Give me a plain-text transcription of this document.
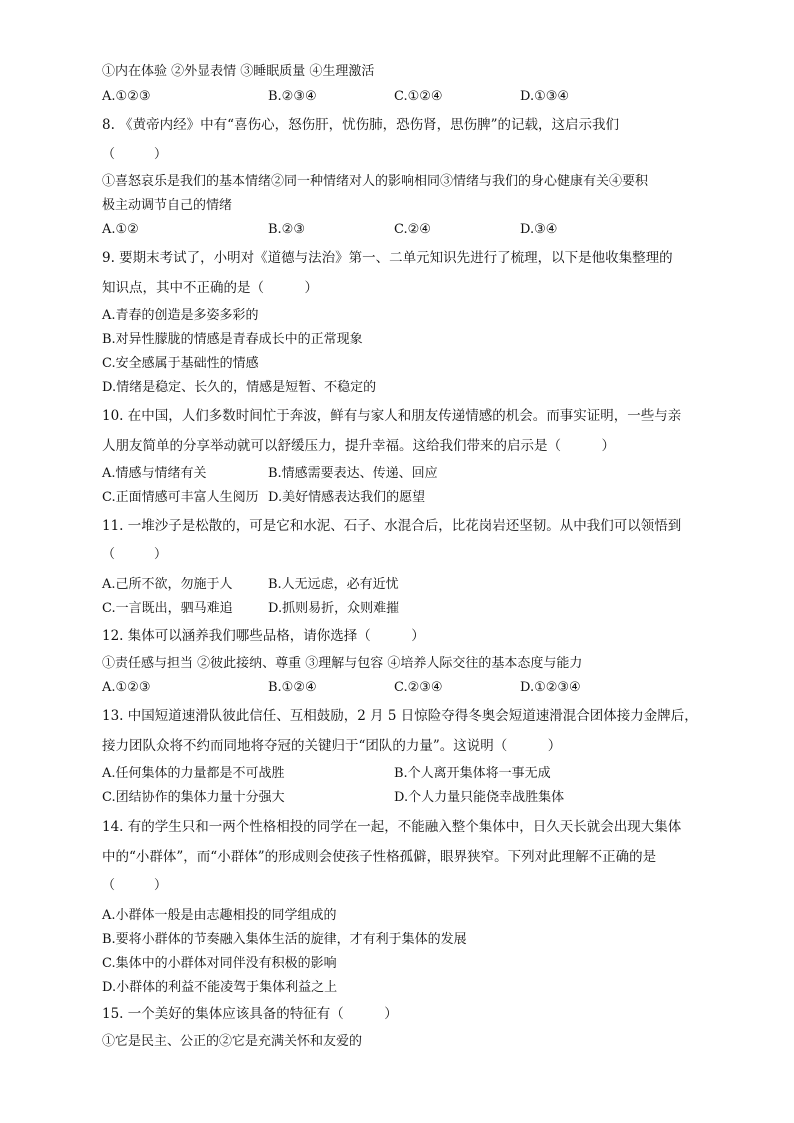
①内在体验 ②外显表情 ③睡眠质量 ④生理激活
A.①②③	B.②③④	C.①②④	D.①③④
8. 《黄帝内经》中有“喜伤心，怒伤肝，忧伤肺，恐伤肾，思伤脾”的记载，这启示我们
（　　　）
①喜怒哀乐是我们的基本情绪②同一种情绪对人的影响相同③情绪与我们的身心健康有关④要积
极主动调节自己的情绪
A.①②	B.②③	C.②④	D.③④
9. 要期末考试了，小明对《道德与法治》第一、二单元知识先进行了梳理，以下是他收集整理的
知识点，其中不正确的是（　　　）
A.青春的创造是多姿多彩的
B.对异性朦胧的情感是青春成长中的正常现象
C.安全感属于基础性的情感
D.情绪是稳定、长久的，情感是短暂、不稳定的
10. 在中国，人们多数时间忙于奔波，鲜有与家人和朋友传递情感的机会。而事实证明，一些与亲
人朋友简单的分享举动就可以舒缓压力，提升幸福。这给我们带来的启示是（　　　）
A.情感与情绪有关	B.情感需要表达、传递、回应
C.正面情感可丰富人生阅历 D.美好情感表达我们的愿望
11. 一堆沙子是松散的，可是它和水泥、石子、水混合后，比花岗岩还坚韧。从中我们可以领悟到
（　　　）
A.己所不欲，勿施于人	B.人无远虑，必有近忧
C.一言既出，驷马难追	D.抓则易折，众则难摧
12. 集体可以涵养我们哪些品格，请你选择（　　　）
①责任感与担当 ②彼此接纳、尊重 ③理解与包容 ④培养人际交往的基本态度与能力
A.①②③	B.①②④	C.②③④	D.①②③④
13. 中国短道速滑队彼此信任、互相鼓励，2 月 5 日惊险夺得冬奥会短道速滑混合团体接力金牌后，
接力团队众将不约而同地将夺冠的关键归于“团队的力量”。这说明（　　　）
A.任何集体的力量都是不可战胜	B.个人离开集体将一事无成
C.团结协作的集体力量十分强大	D.个人力量只能侥幸战胜集体
14. 有的学生只和一两个性格相投的同学在一起，不能融入整个集体中，日久天长就会出现大集体
中的“小群体”，而“小群体”的形成则会使孩子性格孤僻，眼界狭窄。下列对此理解不正确的是
（　　　）
A.小群体一般是由志趣相投的同学组成的
B.要将小群体的节奏融入集体生活的旋律，才有利于集体的发展
C.集体中的小群体对同伴没有积极的影响
D.小群体的利益不能凌驾于集体利益之上
15. 一个美好的集体应该具备的特征有（　　　）
①它是民主、公正的②它是充满关怀和友爱的
